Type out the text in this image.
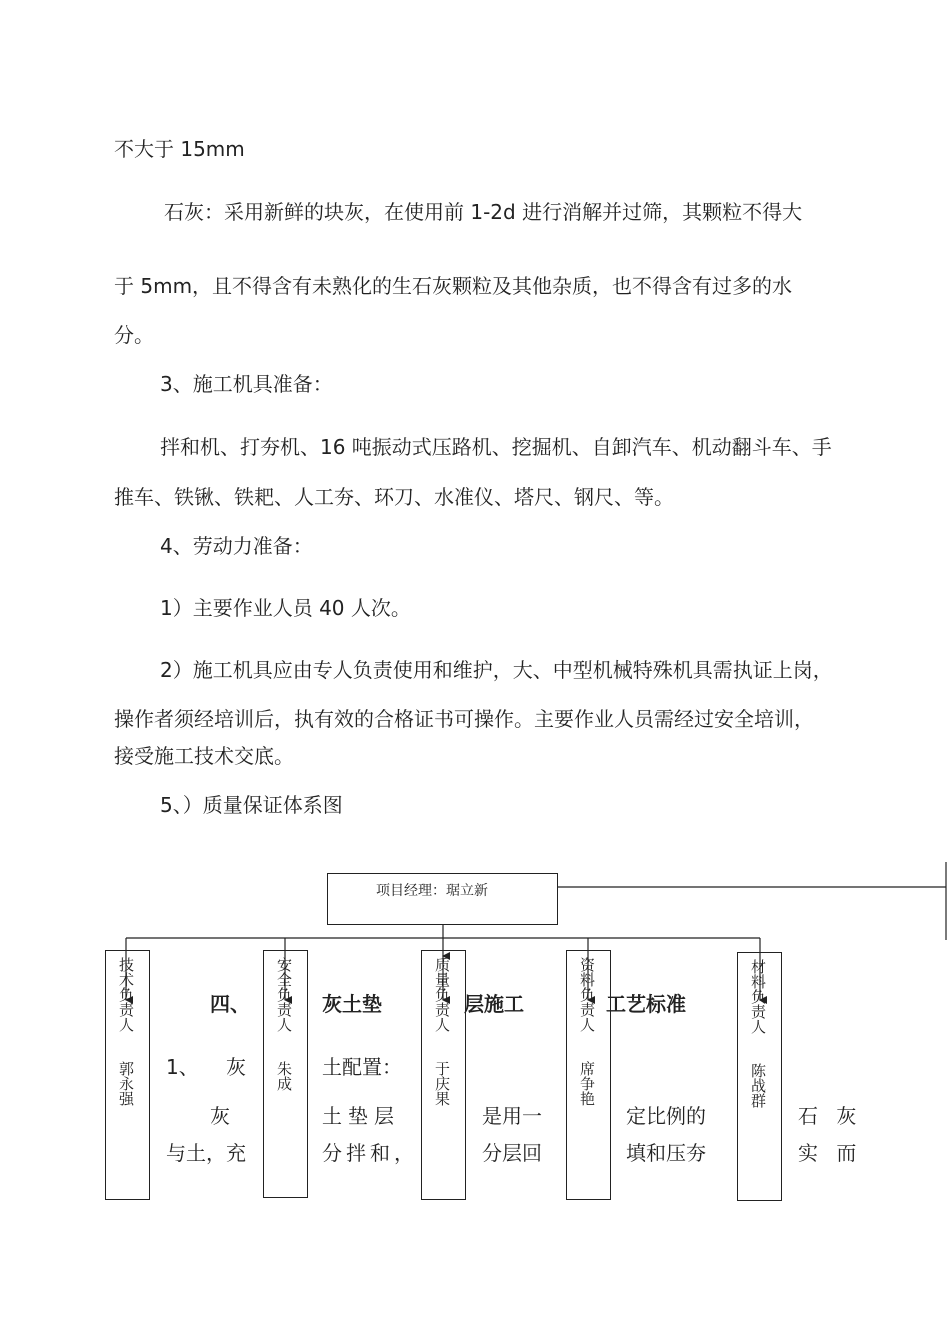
不大于 15mm
石灰：采用新鲜的块灰，在使用前 1-2d 进行消解并过筛，其颗粒不得大
于 5mm，且不得含有未熟化的生石灰颗粒及其他杂质，也不得含有过多的水
分。
3、施工机具准备：
拌和机、打夯机、16 吨振动式压路机、挖掘机、自卸汽车、机动翻斗车、手
推车、铁锹、铁耙、人工夯、环刀、水准仪、塔尺、钢尺、等。
4、劳动力准备：
1）主要作业人员 40 人次。
2）施工机具应由专人负责使用和维护，大、中型机械特殊机具需执证上岗，
操作者须经培训后，执有效的合格证书可操作。主要作业人员需经过安全培训，
接受施工技术交底。
5、）质量保证体系图
四、	灰土垫	层施工	工艺标准
1、 灰	土配置：
灰	土垫层	是用一	定比例的	石 灰
与土，充	分拌和，	分层回	填和压夯	实 而
项目经理：琚立新
技术负责人
郭永强
安全负责人
朱成
质量负责人
于庆果
资料负责人
席争艳
材料负责人
陈战群
